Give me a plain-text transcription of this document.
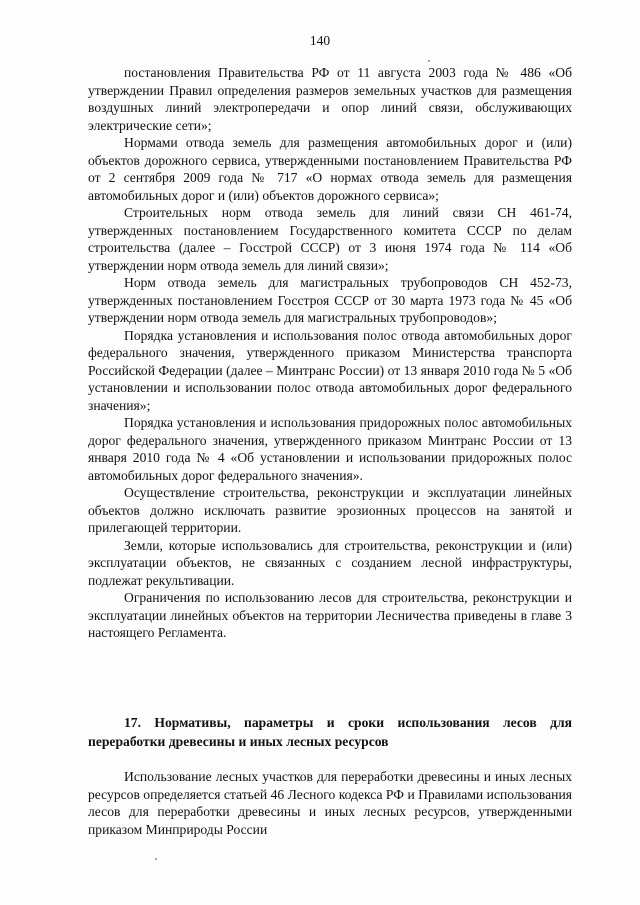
140

постановления Правительства РФ от 11 августа 2003 года № 486 «Об утверждении Правил определения размеров земельных участков для размещения воздушных линий электропередачи и опор линий связи, обслуживающих электрические сети»;

Нормами отвода земель для размещения автомобильных дорог и (или) объектов дорожного сервиса, утвержденными постановлением Правительства РФ от 2 сентября 2009 года № 717 «О нормах отвода земель для размещения автомобильных дорог и (или) объектов дорожного сервиса»;

Строительных норм отвода земель для линий связи СН 461-74, утвержденных постановлением Государственного комитета СССР по делам строительства (далее – Госстрой СССР) от 3 июня 1974 года № 114 «Об утверждении норм отвода земель для линий связи»;

Норм отвода земель для магистральных трубопроводов СН 452-73, утвержденных постановлением Госстроя СССР от 30 марта 1973 года № 45 «Об утверждении норм отвода земель для магистральных трубопроводов»;

Порядка установления и использования полос отвода автомобильных дорог федерального значения, утвержденного приказом Министерства транспорта Российской Федерации (далее – Минтранс России) от 13 января 2010 года № 5 «Об установлении и использовании полос отвода автомобильных дорог федерального значения»;

Порядка установления и использования придорожных полос автомобильных дорог федерального значения, утвержденного приказом Минтранс России от 13 января 2010 года № 4 «Об установлении и использовании придорожных полос автомобильных дорог федерального значения».

Осуществление строительства, реконструкции и эксплуатации линейных объектов должно исключать развитие эрозионных процессов на занятой и прилегающей территории.

Земли, которые использовались для строительства, реконструкции и (или) эксплуатации объектов, не связанных с созданием лесной инфраструктуры, подлежат рекультивации.

Ограничения по использованию лесов для строительства, реконструкции и эксплуатации линейных объектов на территории Лесничества приведены в главе 3 настоящего Регламента.

17. Нормативы, параметры и сроки использования лесов для переработки древесины и иных лесных ресурсов

Использование лесных участков для переработки древесины и иных лесных ресурсов определяется статьей 46 Лесного кодекса РФ и Правилами использования лесов для переработки древесины и иных лесных ресурсов, утвержденными приказом Минприроды России
